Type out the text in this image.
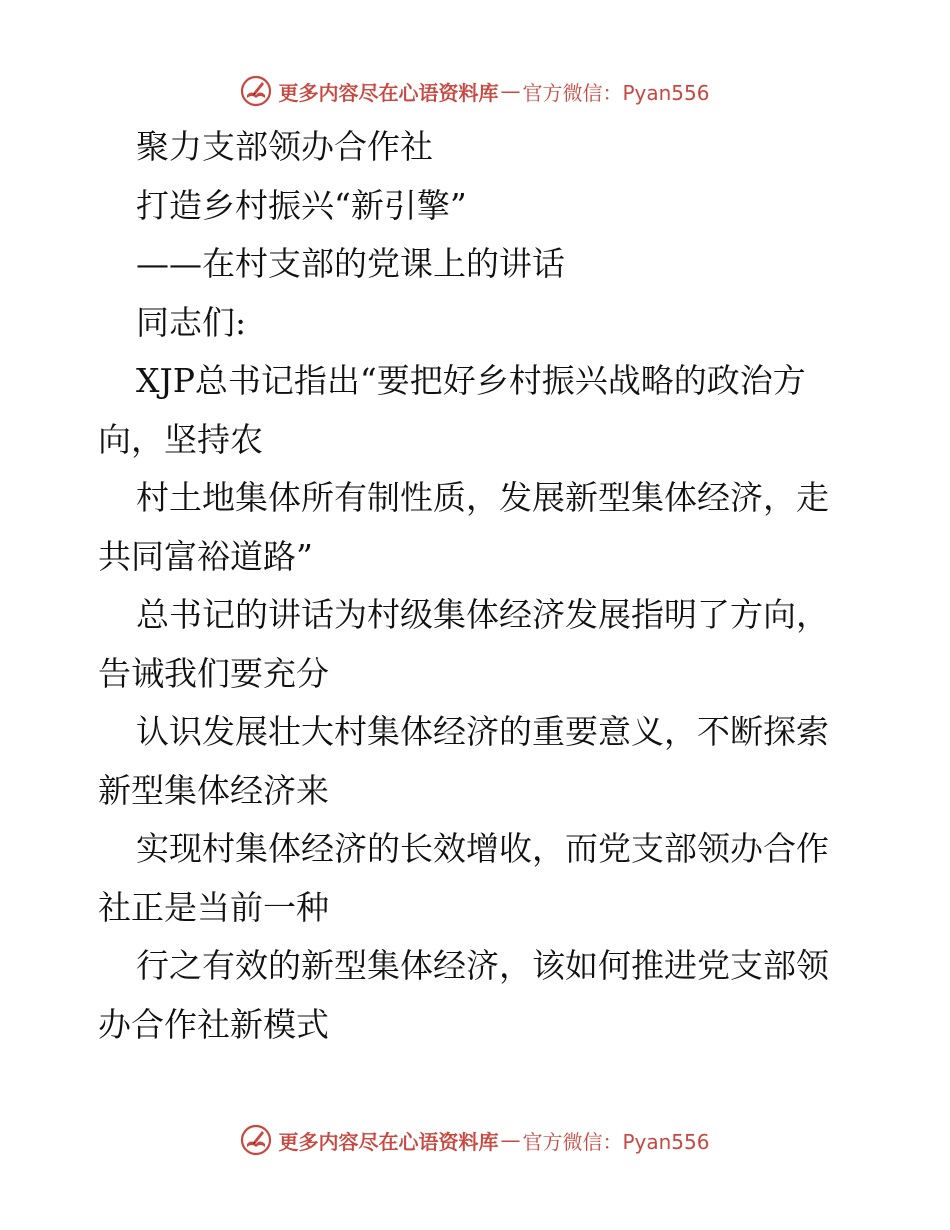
更多内容尽在心语资料库 — 官方微信：Pyan556
聚力支部领办合作社
打造乡村振兴“新引擎”
——在村支部的党课上的讲话
同志们:
XJP总书记指出“要把好乡村振兴战略的政治方
向，坚持农
村土地集体所有制性质，发展新型集体经济，走
共同富裕道路”
总书记的讲话为村级集体经济发展指明了方向，
告诫我们要充分
认识发展壮大村集体经济的重要意义，不断探索
新型集体经济来
实现村集体经济的长效增收，而党支部领办合作
社正是当前一种
行之有效的新型集体经济，该如何推进党支部领
办合作社新模式
更多内容尽在心语资料库 — 官方微信：Pyan556
